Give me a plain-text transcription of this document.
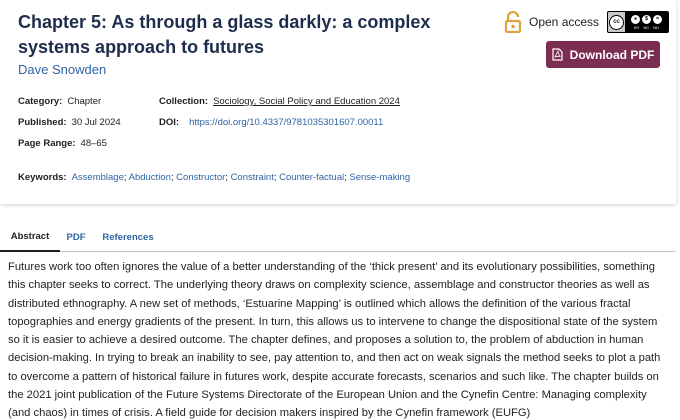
Chapter 5: As through a glass darkly: a complex systems approach to futures
Dave Snowden
Open access	cc	●	$	=
BY NC ND
Download PDF
Category: Chapter	Collection: Sociology, Social Policy and Education 2024
Published: 30 Jul 2024	DOI: https://doi.org/10.4337/9781035301607.00011
Page Range: 48–65
Keywords: Assemblage; Abduction; Constructor; Constraint; Counter-factual; Sense-making
Abstract	PDF	References

Futures work too often ignores the value of a better understanding of the ‘thick present’ and its evolutionary possibilities, something this chapter seeks to correct. The underlying theory draws on complexity science, assemblage and constructor theories as well as distributed ethnography. A new set of methods, ‘Estuarine Mapping’ is outlined which allows the definition of the various fractal topographies and energy gradients of the present. In turn, this allows us to intervene to change the dispositional state of the system so it is easier to achieve a desired outcome. The chapter defines, and proposes a solution to, the problem of abduction in human decision-making. In trying to break an inability to see, pay attention to, and then act on weak signals the method seeks to plot a path to overcome a pattern of historical failure in futures work, despite accurate forecasts, scenarios and such like. The chapter builds on the 2021 joint publication of the Future Systems Directorate of the European Union and the Cynefin Centre: Managing complexity (and chaos) in times of crisis. A field guide for decision makers inspired by the Cynefin framework (EUFG)
